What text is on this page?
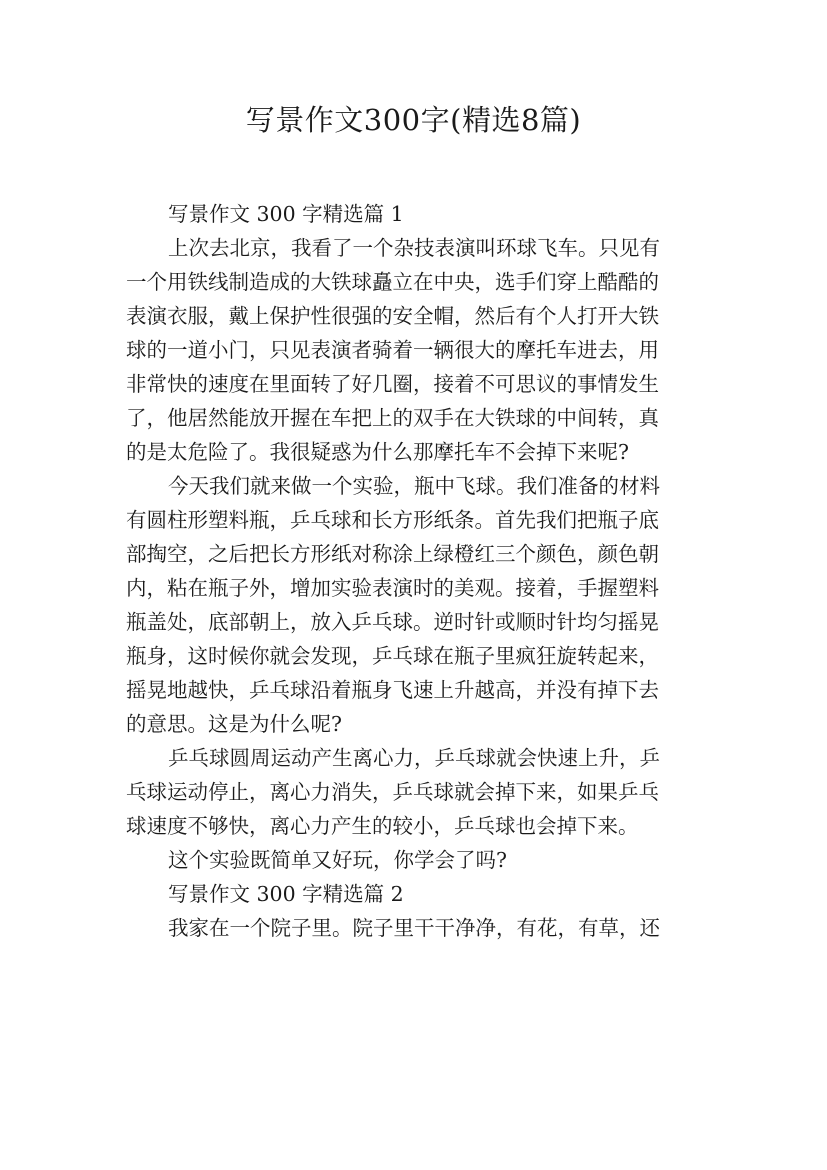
写景作文300字(精选8篇)

写景作文 300 字精选篇 1

上次去北京，我看了一个杂技表演叫环球飞车。只见有

一个用铁线制造成的大铁球矗立在中央，选手们穿上酷酷的

表演衣服，戴上保护性很强的安全帽，然后有个人打开大铁

球的一道小门，只见表演者骑着一辆很大的摩托车进去，用

非常快的速度在里面转了好几圈，接着不可思议的事情发生

了，他居然能放开握在车把上的双手在大铁球的中间转，真

的是太危险了。我很疑惑为什么那摩托车不会掉下来呢?

今天我们就来做一个实验，瓶中飞球。我们准备的材料

有圆柱形塑料瓶，乒乓球和长方形纸条。首先我们把瓶子底

部掏空，之后把长方形纸对称涂上绿橙红三个颜色，颜色朝

内，粘在瓶子外，增加实验表演时的美观。接着，手握塑料

瓶盖处，底部朝上，放入乒乓球。逆时针或顺时针均匀摇晃

瓶身，这时候你就会发现，乒乓球在瓶子里疯狂旋转起来，

摇晃地越快，乒乓球沿着瓶身飞速上升越高，并没有掉下去

的意思。这是为什么呢?

乒乓球圆周运动产生离心力，乒乓球就会快速上升，乒

乓球运动停止，离心力消失，乒乓球就会掉下来，如果乒乓

球速度不够快，离心力产生的较小，乒乓球也会掉下来。

这个实验既简单又好玩，你学会了吗?

写景作文 300 字精选篇 2

我家在一个院子里。院子里干干净净，有花，有草，还
